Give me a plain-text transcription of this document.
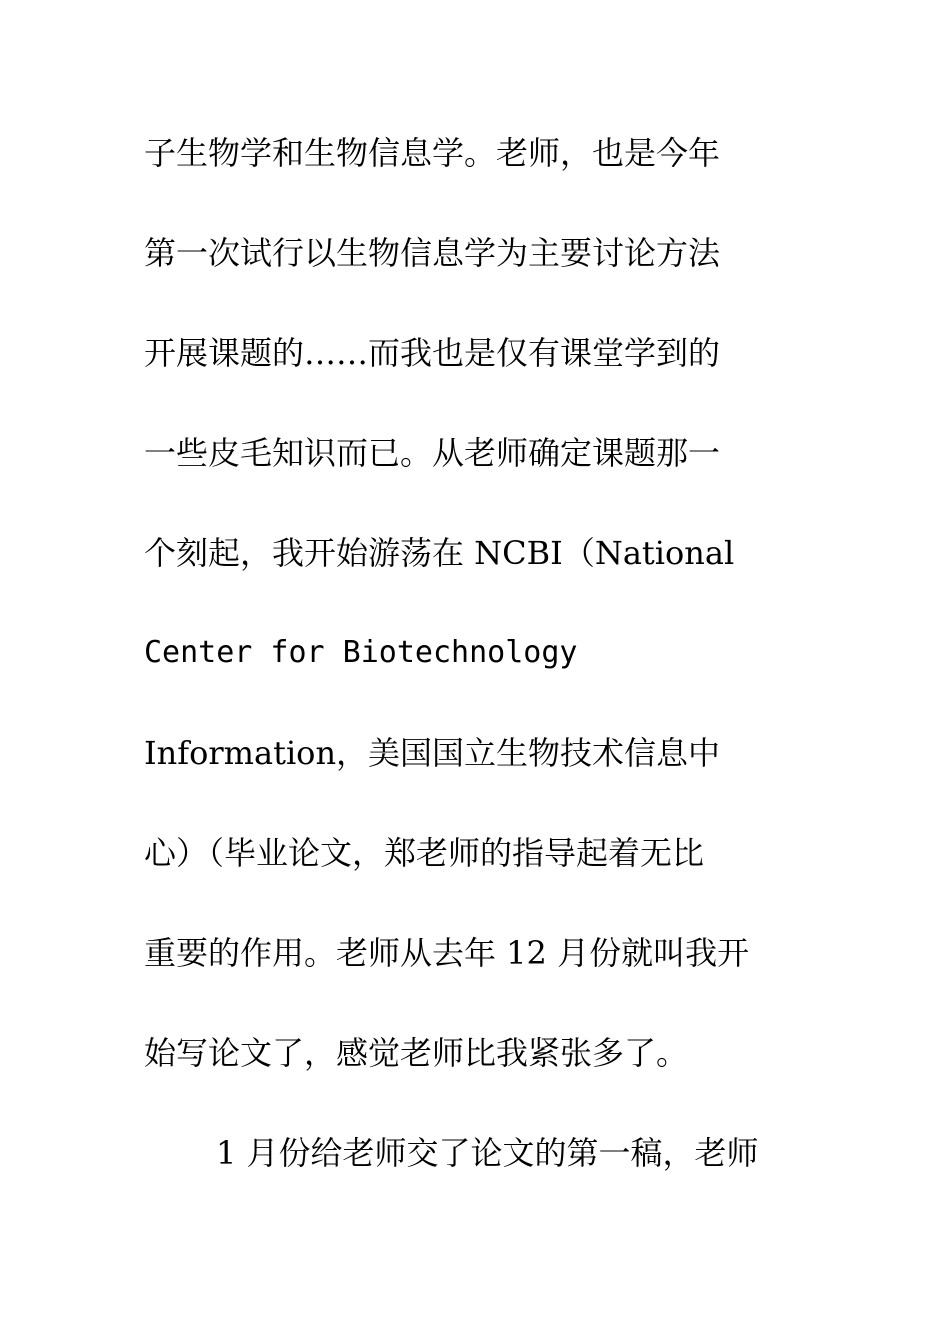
子生物学和生物信息学。老师，也是今年
第一次试行以生物信息学为主要讨论方法
开展课题的……而我也是仅有课堂学到的
一些皮毛知识而已。从老师确定课题那一
个刻起，我开始游荡在 NCBI（National
Center for Biotechnology
Information，美国国立生物技术信息中
心）（毕业论文，郑老师的指导起着无比
重要的作用。老师从去年 12 月份就叫我开
始写论文了，感觉老师比我紧张多了。
1 月份给老师交了论文的第一稿，老师
